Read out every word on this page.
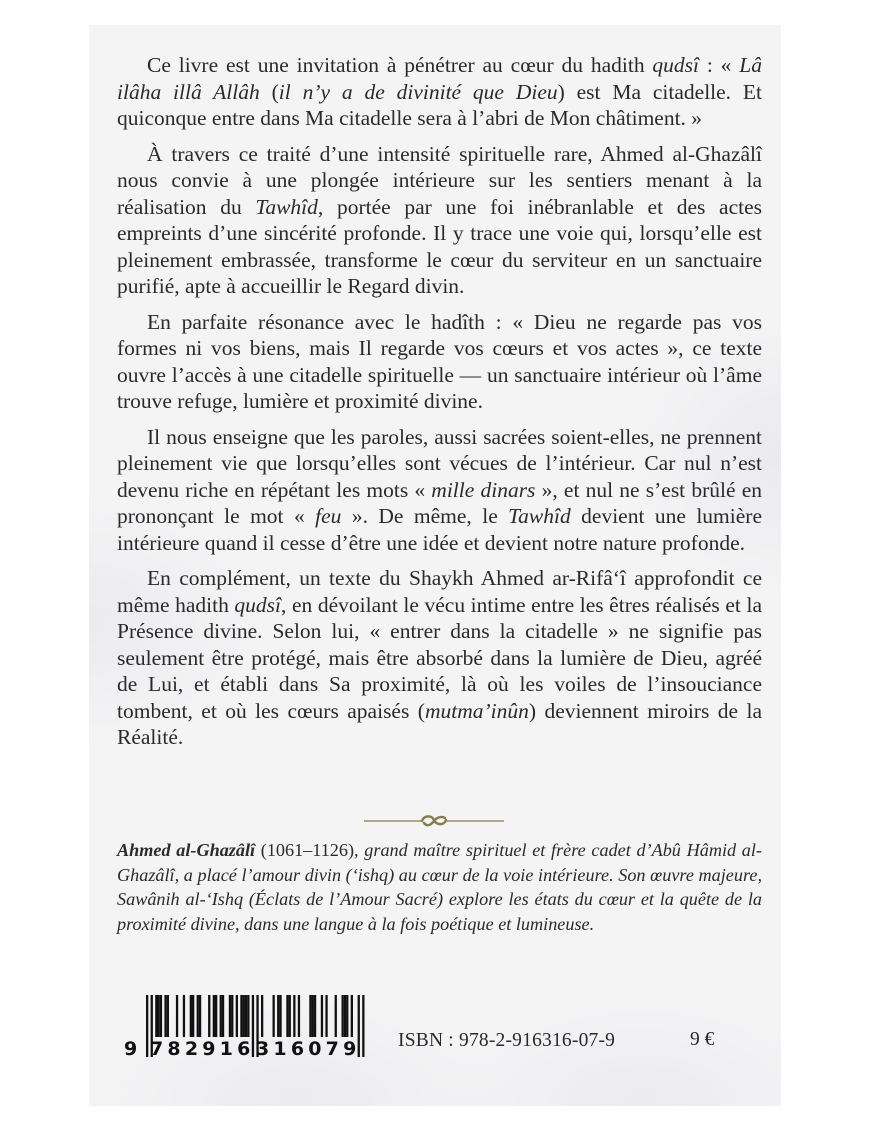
Ce livre est une invitation à pénétrer au cœur du hadith qudsî : « Lâ ilâha illâ Allâh (il n’y a de divinité que Dieu) est Ma citadelle. Et quiconque entre dans Ma citadelle sera à l’abri de Mon châtiment. »

À travers ce traité d’une intensité spirituelle rare, Ahmed al-Ghazâlî nous convie à une plongée intérieure sur les sentiers menant à la réalisation du Tawhîd, portée par une foi inébranlable et des actes empreints d’une sincérité profonde. Il y trace une voie qui, lorsqu’elle est pleinement embrassée, transforme le cœur du serviteur en un sanctuaire purifié, apte à accueillir le Regard divin.

En parfaite résonance avec le hadîth : « Dieu ne regarde pas vos formes ni vos biens, mais Il regarde vos cœurs et vos actes », ce texte ouvre l’accès à une citadelle spirituelle — un sanctuaire intérieur où l’âme trouve refuge, lumière et proximité divine.

Il nous enseigne que les paroles, aussi sacrées soient-elles, ne prennent pleinement vie que lorsqu’elles sont vécues de l’intérieur. Car nul n’est devenu riche en répétant les mots « mille dinars », et nul ne s’est brûlé en prononçant le mot « feu ». De même, le Tawhîd devient une lumière intérieure quand il cesse d’être une idée et devient notre nature profonde.

En complément, un texte du Shaykh Ahmed ar-Rifâ‘î approfondit ce même hadith qudsî, en dévoilant le vécu intime entre les êtres réalisés et la Présence divine. Selon lui, « entrer dans la citadelle » ne signifie pas seulement être protégé, mais être absorbé dans la lumière de Dieu, agréé de Lui, et établi dans Sa proximité, là où les voiles de l’insouciance tombent, et où les cœurs apaisés (mutma’inûn) deviennent miroirs de la Réalité.

Ahmed al-Ghazâlî (1061–1126), grand maître spirituel et frère cadet d’Abû Hâmid al-Ghazâlî, a placé l’amour divin (‘ishq) au cœur de la voie intérieure. Son œuvre majeure, Sawânih al-‘Ishq (Éclats de l’Amour Sacré) explore les états du cœur et la quête de la proximité divine, dans une langue à la fois poétique et lumineuse.
9 782916 316079 ISBN : 978-2-916316-07-9	9 €
